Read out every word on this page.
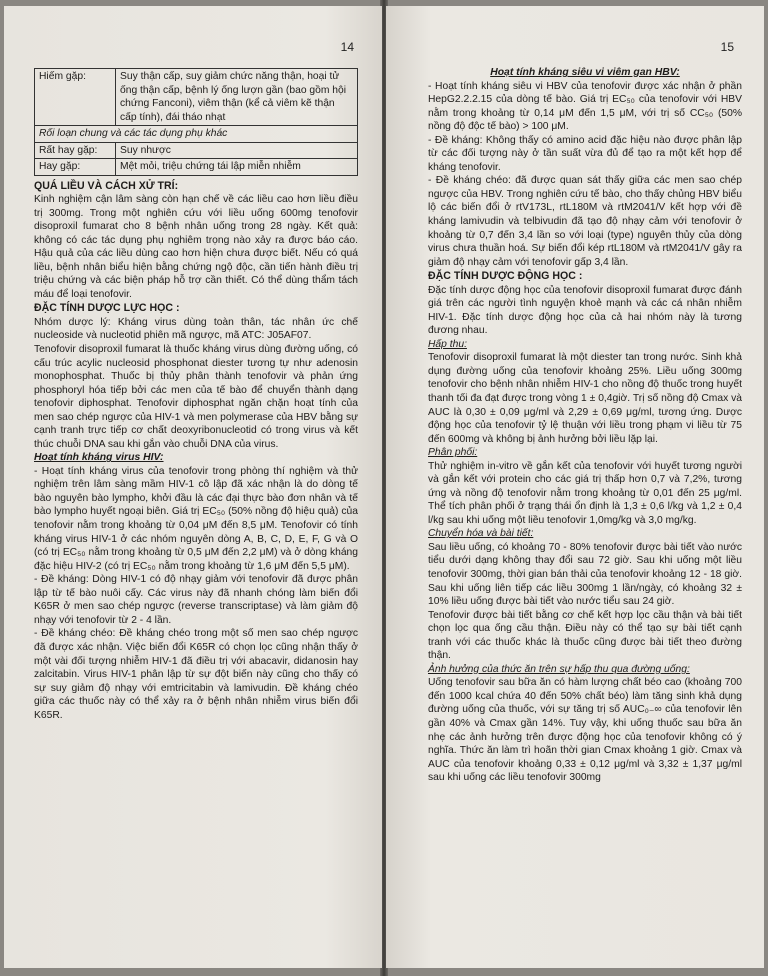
14
Hiếm gặp:	Suy thận cấp, suy giảm chức năng thận, hoại tử ống thận cấp, bệnh lý ống lượn gần (bao gồm hội chứng Fanconi), viêm thận (kể cả viêm kẽ thận cấp tính), đái tháo nhạt
Rối loạn chung và các tác dụng phụ khác	
Rất hay gặp:	Suy nhược
Hay gặp:	Mệt mỏi, triệu chứng tái lập miễn nhiễm
QUÁ LIỀU VÀ CÁCH XỬ TRÍ:

Kinh nghiệm cận lâm sàng còn hạn chế về các liều cao hơn liều điều trị 300mg. Trong một nghiên cứu với liều uống 600mg tenofovir disoproxil fumarat cho 8 bệnh nhân uống trong 28 ngày. Kết quả: không có các tác dụng phụ nghiêm trọng nào xảy ra được báo cáo. Hậu quả của các liều dùng cao hơn hiện chưa được biết. Nếu có quá liều, bệnh nhân biểu hiện bằng chứng ngộ độc, cần tiến hành điều trị triệu chứng và các biện pháp hỗ trợ cần thiết. Có thể dùng thẩm tách máu để loại tenofovir.

ĐẶC TÍNH DƯỢC LỰC HỌC :

Nhóm dược lý: Kháng virus dùng toàn thân, tác nhân ức chế nucleoside và nucleotid phiên mã ngược, mã ATC: J05AF07.

Tenofovir disoproxil fumarat là thuốc kháng virus dùng đường uống, có cấu trúc acylic nucleosid phosphonat diester tương tự như adenosin monophosphat. Thuốc bị thủy phân thành tenofovir và phản ứng phosphoryl hóa tiếp bởi các men của tế bào để chuyển thành dạng tenofovir diphosphat. Tenofovir diphosphat ngăn chặn hoạt tính của men sao chép ngược của HIV-1 và men polymerase của HBV bằng sự cạnh tranh trực tiếp cơ chất deoxyribonucleotid có trong virus và kết thúc chuỗi DNA sau khi gắn vào chuỗi DNA của virus.

Hoạt tính kháng virus HIV:

- Hoạt tính kháng virus của tenofovir trong phòng thí nghiệm và thử nghiệm trên lâm sàng mầm HIV-1 cô lập đã xác nhận là do dòng tế bào nguyên bào lympho, khởi đầu là các đại thực bào đơn nhân và tế bào lympho huyết ngoại biên. Giá trị EC₅₀ (50% nồng độ hiệu quả) của tenofovir nằm trong khoảng từ 0,04 μM đến 8,5 μM. Tenofovir có tính kháng virus HIV-1 ở các nhóm nguyên dòng A, B, C, D, E, F, G và O (có trị EC₅₀ nằm trong khoảng từ 0,5 μM đến 2,2 μM) và ở dòng kháng đặc hiệu HIV-2 (có trị EC₅₀ nằm trong khoảng từ 1,6 μM đến 5,5 μM).

- Đề kháng: Dòng HIV-1 có độ nhạy giảm với tenofovir đã được phân lập từ tế bào nuôi cấy. Các virus này đã nhanh chóng làm biến đổi K65R ở men sao chép ngược (reverse transcriptase) và làm giảm độ nhạy với tenofovir từ 2 - 4 lần.

- Đề kháng chéo: Đề kháng chéo trong một số men sao chép ngược đã được xác nhận. Việc biến đổi K65R có chọn lọc cũng nhận thấy ở một vài đối tượng nhiễm HIV-1 đã điều trị với abacavir, didanosin hay zalcitabin. Virus HIV-1 phân lập từ sự đột biến này cũng cho thấy có sự suy giảm độ nhạy với emtricitabin và lamivudin. Đề kháng chéo giữa các thuốc này có thể xảy ra ở bệnh nhân nhiễm virus biến đổi K65R.

15
Hoạt tính kháng siêu vi viêm gan HBV:

- Hoạt tính kháng siêu vi HBV của tenofovir được xác nhận ở phần HepG2.2.2.15 của dòng tế bào. Giá trị EC₅₀ của tenofovir với HBV nằm trong khoảng từ 0,14 μM đến 1,5 μM, với trị số CC₅₀ (50% nồng độ độc tế bào) > 100 μM.

- Đề kháng: Không thấy có amino acid đặc hiệu nào được phân lập từ các đối tượng này ở tần suất vừa đủ để tạo ra một kết hợp để kháng tenofovir.

- Đề kháng chéo: đã được quan sát thấy giữa các men sao chép ngược của HBV. Trong nghiên cứu tế bào, cho thấy chủng HBV biểu lộ các biến đổi ở rtV173L, rtL180M và rtM2041/V kết hợp với đề kháng lamivudin và telbivudin đã tạo độ nhạy cảm với tenofovir ở khoảng từ 0,7 đến 3,4 lần so với loại (type) nguyên thủy của dòng virus chưa thuần hoá. Sự biến đổi kép rtL180M và rtM2041/V gây ra giảm độ nhạy cảm với tenofovir gấp 3,4 lần.

ĐẶC TÍNH DƯỢC ĐỘNG HỌC :

Đặc tính dược động học của tenofovir disoproxil fumarat được đánh giá trên các người tình nguyện khoẻ mạnh và các cá nhân nhiễm HIV-1. Đặc tính dược động học của cả hai nhóm này là tương đương nhau.

Hấp thu:

Tenofovir disoproxil fumarat là một diester tan trong nước. Sinh khả dụng đường uống của tenofovir khoảng 25%. Liều uống 300mg tenofovir cho bệnh nhân nhiễm HIV-1 cho nồng độ thuốc trong huyết thanh tối đa đạt được trong vòng 1 ± 0,4giờ. Trị số nồng độ Cmax và AUC là 0,30 ± 0,09 μg/ml và 2,29 ± 0,69 μg/ml, tương ứng. Dược động học của tenofovir tỷ lệ thuận với liều trong phạm vi liều từ 75 đến 600mg và không bị ảnh hưởng bởi liều lặp lại.

Phân phối:

Thử nghiệm in-vitro về gắn kết của tenofovir với huyết tương người và gắn kết với protein cho các giá trị thấp hơn 0,7 và 7,2%, tương ứng và nồng độ tenofovir nằm trong khoảng từ 0,01 đến 25 μg/ml. Thể tích phân phối ở trạng thái ổn định là 1,3 ± 0,6 l/kg và 1,2 ± 0,4 l/kg sau khi uống một liều tenofovir 1,0mg/kg và 3,0 mg/kg.

Chuyển hóa và bài tiết:

Sau liều uống, có khoảng 70 - 80% tenofovir được bài tiết vào nước tiểu dưới dạng không thay đổi sau 72 giờ. Sau khi uống một liều tenofovir 300mg, thời gian bán thải của tenofovir khoảng 12 - 18 giờ. Sau khi uống liên tiếp các liều 300mg 1 lần/ngày, có khoảng 32 ± 10% liều uống được bài tiết vào nước tiểu sau 24 giờ.

Tenofovir được bài tiết bằng cơ chế kết hợp lọc cầu thận và bài tiết chọn lọc qua ống cầu thận. Điều này có thể tạo sự bài tiết cạnh tranh với các thuốc khác là thuốc cũng được bài tiết theo đường thận.

Ảnh hưởng của thức ăn trên sự hấp thu qua đường uống:

Uống tenofovir sau bữa ăn có hàm lượng chất béo cao (khoảng 700 đến 1000 kcal chứa 40 đến 50% chất béo) làm tăng sinh khả dụng đường uống của thuốc, với sự tăng trị số AUC₀₋∞ của tenofovir lên gần 40% và Cmax gần 14%. Tuy vậy, khi uống thuốc sau bữa ăn nhẹ các ảnh hưởng trên được động học của tenofovir không có ý nghĩa. Thức ăn làm trì hoãn thời gian Cmax khoảng 1 giờ. Cmax và AUC của tenofovir khoảng 0,33 ± 0,12 μg/ml và 3,32 ± 1,37 μg/ml sau khi uống các liều tenofovir 300mg
